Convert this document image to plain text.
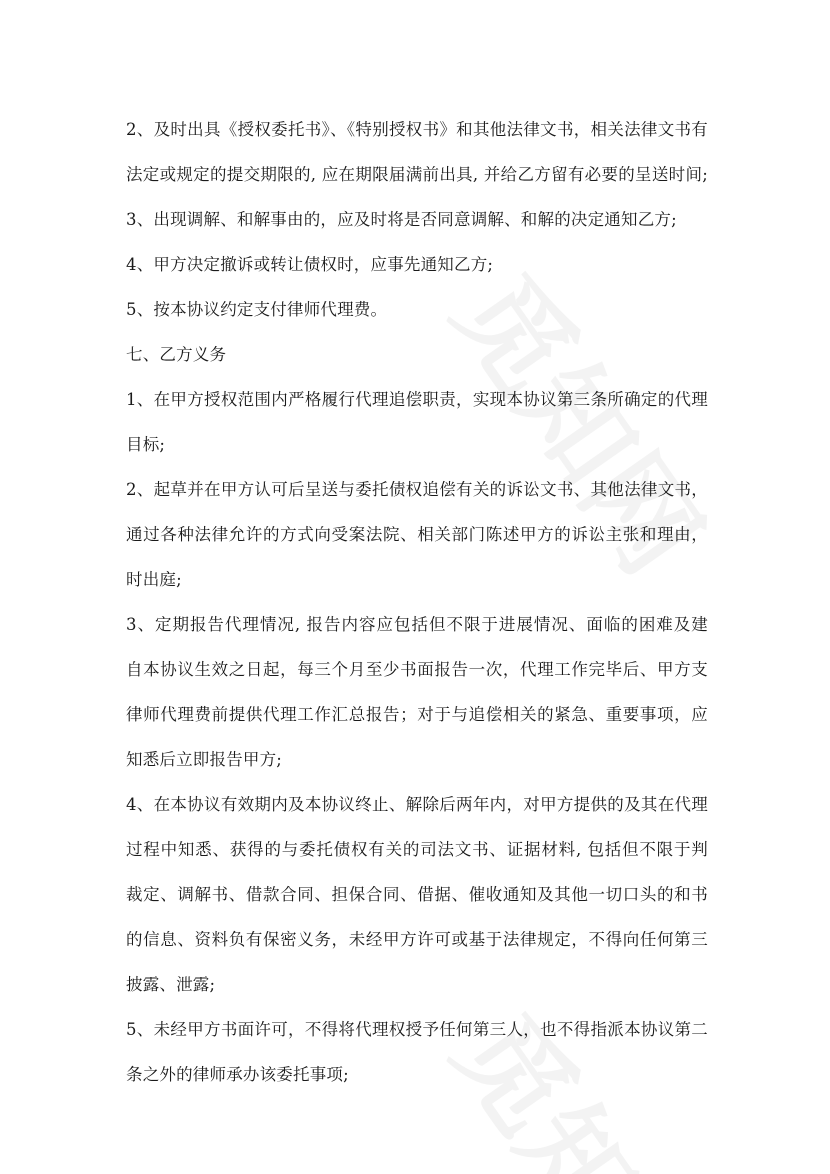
2、及时出具《授权委托书》、《特别授权书》和其他法律文书，相关法律文书有
法定或规定的提交期限的, 应在期限届满前出具, 并给乙方留有必要的呈送时间;
3、出现调解、和解事由的，应及时将是否同意调解、和解的决定通知乙方;
4、甲方决定撤诉或转让债权时，应事先通知乙方;
5、按本协议约定支付律师代理费。
七、乙方义务
1、在甲方授权范围内严格履行代理追偿职责，实现本协议第三条所确定的代理
目标;
2、起草并在甲方认可后呈送与委托债权追偿有关的诉讼文书、其他法律文书，
通过各种法律允许的方式向受案法院、相关部门陈述甲方的诉讼主张和理由，
时出庭;
3、定期报告代理情况, 报告内容应包括但不限于进展情况、面临的困难及建
自本协议生效之日起，每三个月至少书面报告一次，代理工作完毕后、甲方支
律师代理费前提供代理工作汇总报告；对于与追偿相关的紧急、重要事项，应
知悉后立即报告甲方;
4、在本协议有效期内及本协议终止、解除后两年内，对甲方提供的及其在代理
过程中知悉、获得的与委托债权有关的司法文书、证据材料, 包括但不限于判
裁定、调解书、借款合同、担保合同、借据、催收通知及其他一切口头的和书
的信息、资料负有保密义务，未经甲方许可或基于法律规定，不得向任何第三
披露、泄露;
5、未经甲方书面许可，不得将代理权授予任何第三人，也不得指派本协议第二
条之外的律师承办该委托事项;
